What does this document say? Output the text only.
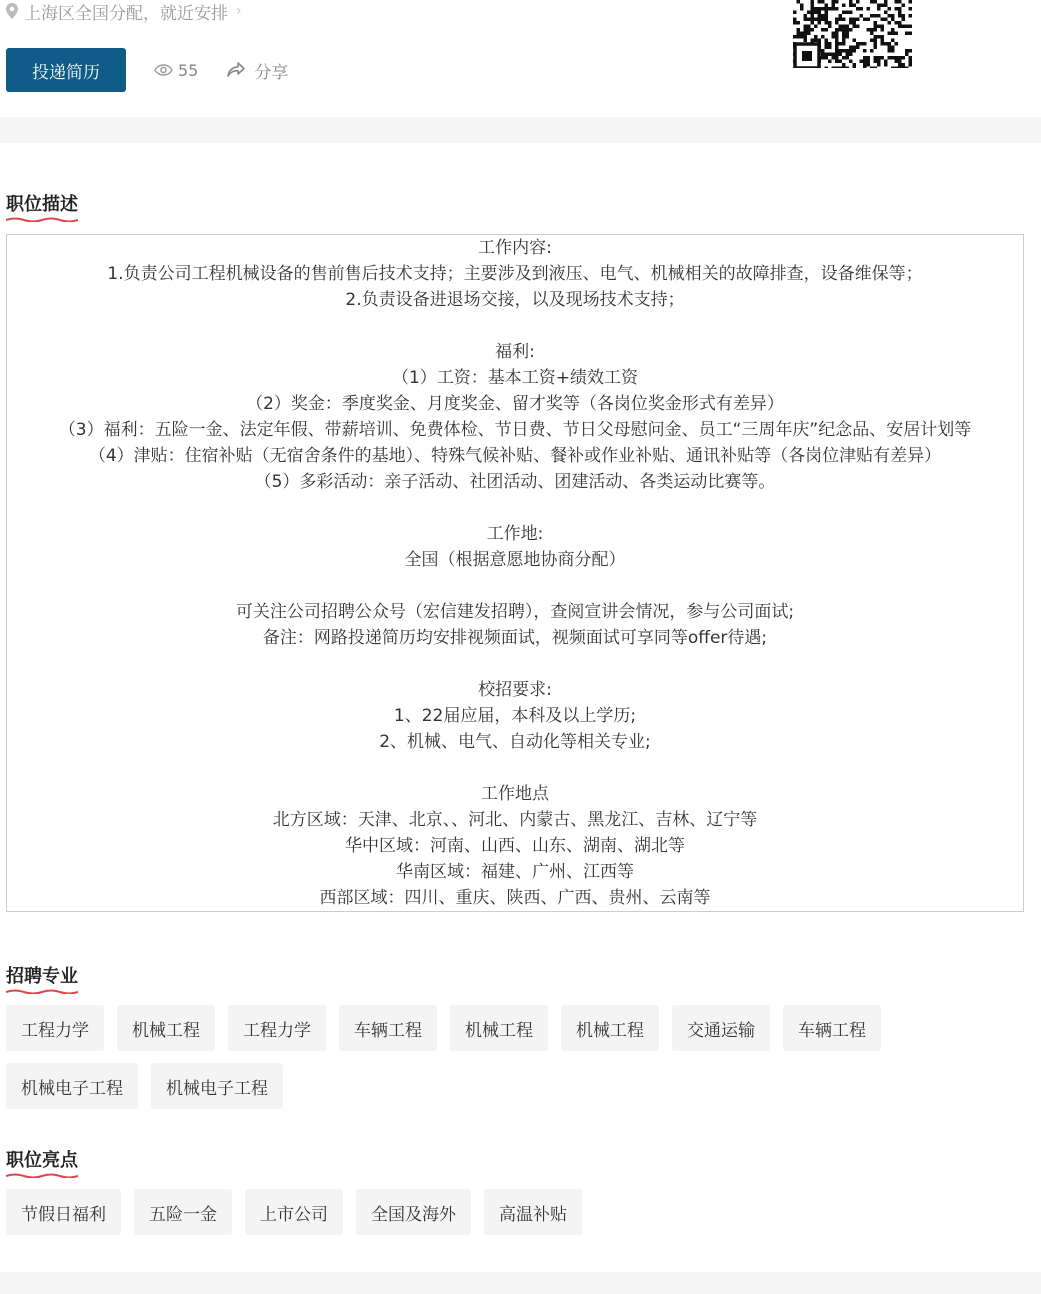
上海区全国分配，就近安排 ›
投递简历	55	分享
职位描述
工作内容:
1.负责公司工程机械设备的售前售后技术支持；主要涉及到液压、电气、机械相关的故障排查，设备维保等；
2.负责设备进退场交接，以及现场技术支持；
福利:
（1）工资：基本工资+绩效工资
（2）奖金：季度奖金、月度奖金、留才奖等（各岗位奖金形式有差异）
（3）福利：五险一金、法定年假、带薪培训、免费体检、节日费、节日父母慰问金、员工“三周年庆”纪念品、安居计划等
（4）津贴：住宿补贴（无宿舍条件的基地）、特殊气候补贴、餐补或作业补贴、通讯补贴等（各岗位津贴有差异）
（5）多彩活动：亲子活动、社团活动、团建活动、各类运动比赛等。
工作地:
全国（根据意愿地协商分配）
可关注公司招聘公众号（宏信建发招聘），查阅宣讲会情况，参与公司面试;
备注：网路投递简历均安排视频面试，视频面试可享同等offer待遇;
校招要求:
1、22届应届，本科及以上学历;
2、机械、电气、自动化等相关专业;
工作地点
北方区域：天津、北京、、河北、内蒙古、黑龙江、吉林、辽宁等
华中区域：河南、山西、山东、湖南、湖北等
华南区域：福建、广州、江西等
西部区域：四川、重庆、陕西、广西、贵州、云南等
招聘专业
工程力学	机械工程	工程力学	车辆工程	机械工程	机械工程	交通运输	车辆工程
机械电子工程	机械电子工程
职位亮点
节假日福利	五险一金	上市公司	全国及海外	高温补贴
